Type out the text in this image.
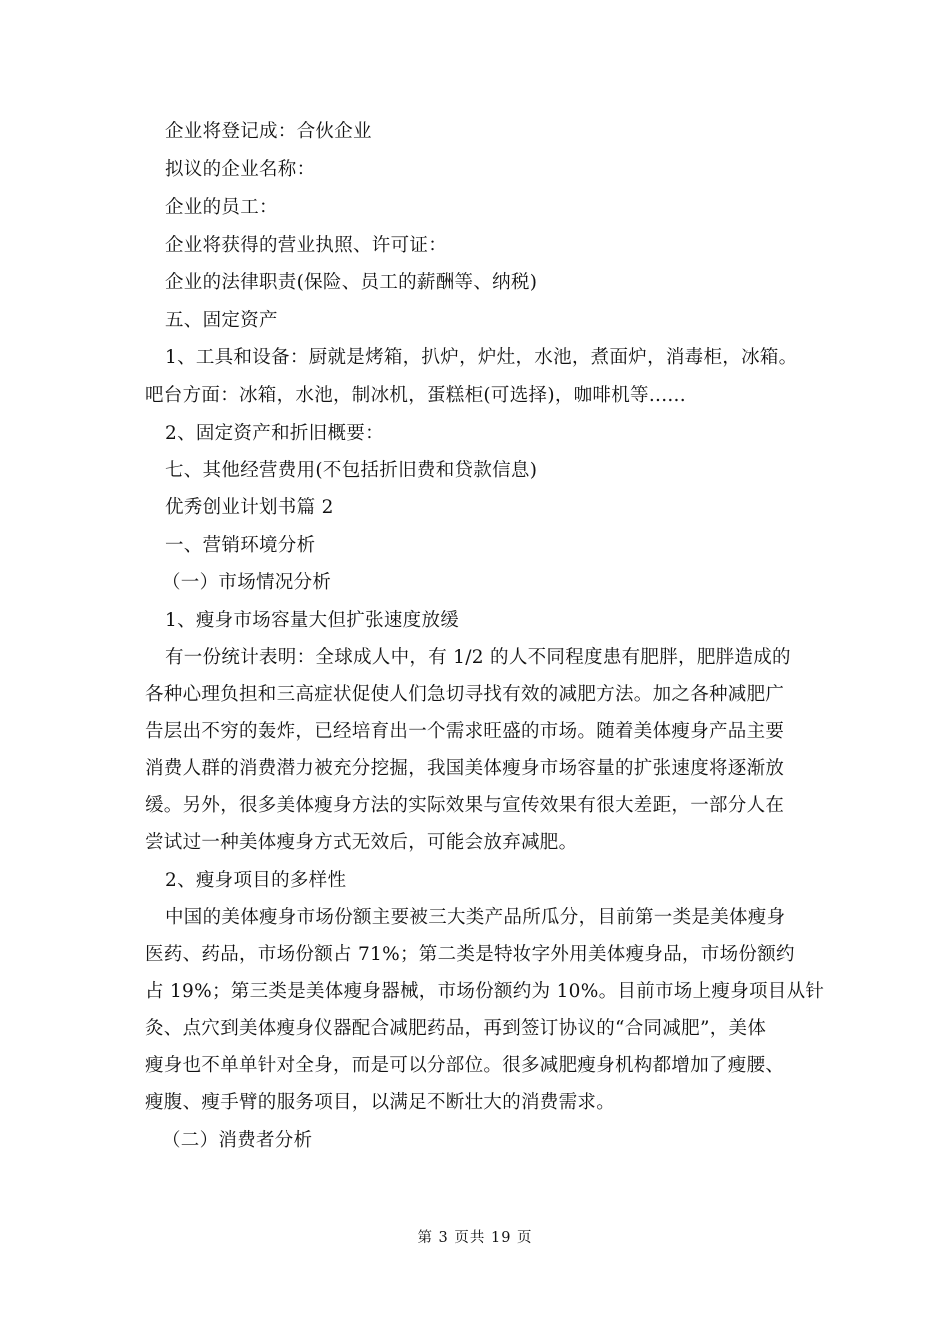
企业将登记成：合伙企业
拟议的企业名称：
企业的员工：
企业将获得的营业执照、许可证：
企业的法律职责(保险、员工的薪酬等、纳税)
五、固定资产
1、工具和设备：厨就是烤箱，扒炉，炉灶，水池，煮面炉，消毒柜，冰箱。
吧台方面：冰箱，水池，制冰机，蛋糕柜(可选择)，咖啡机等......
2、固定资产和折旧概要：
七、其他经营费用(不包括折旧费和贷款信息)
优秀创业计划书篇 2
一、营销环境分析
（一）市场情况分析
1、瘦身市场容量大但扩张速度放缓
有一份统计表明：全球成人中，有 1/2 的人不同程度患有肥胖，肥胖造成的
各种心理负担和三高症状促使人们急切寻找有效的减肥方法。加之各种减肥广
告层出不穷的轰炸，已经培育出一个需求旺盛的市场。随着美体瘦身产品主要
消费人群的消费潜力被充分挖掘，我国美体瘦身市场容量的扩张速度将逐渐放
缓。另外，很多美体瘦身方法的实际效果与宣传效果有很大差距，一部分人在
尝试过一种美体瘦身方式无效后，可能会放弃减肥。
2、瘦身项目的多样性
中国的美体瘦身市场份额主要被三大类产品所瓜分，目前第一类是美体瘦身
医药、药品，市场份额占 71%；第二类是特妆字外用美体瘦身品，市场份额约
占 19%；第三类是美体瘦身器械，市场份额约为 10%。目前市场上瘦身项目从针
灸、点穴到美体瘦身仪器配合减肥药品，再到签订协议的“合同减肥”，美体
瘦身也不单单针对全身，而是可以分部位。很多减肥瘦身机构都增加了瘦腰、
瘦腹、瘦手臂的服务项目，以满足不断壮大的消费需求。
（二）消费者分析
第 3 页共 19 页
